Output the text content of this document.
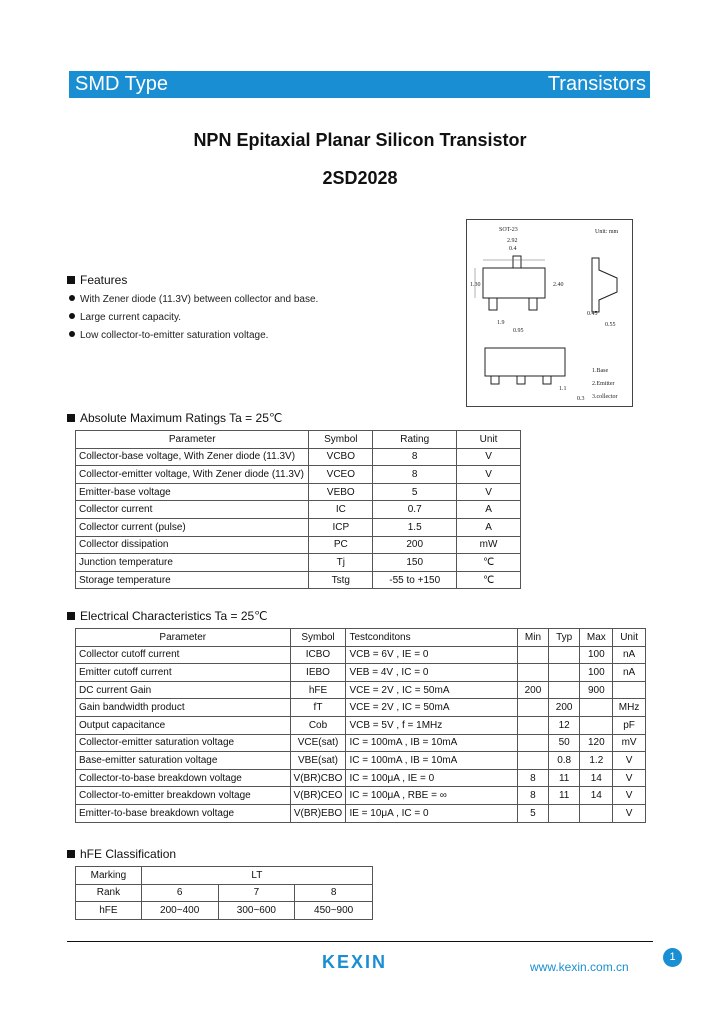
SMD Type	Transistors
NPN Epitaxial Planar Silicon Transistor
2SD2028
SOT-23	Unit: mm
2.92
0.4
1.30	2.40
1.9
0.95
0.45
0.55
1.1
0.3
1.Base
2.Emitter
3.collector
Features
With Zener diode (11.3V) between collector and base.
Large current capacity.
Low collector-to-emitter saturation voltage.
Absolute Maximum Ratings Ta = 25℃
Parameter	Symbol	Rating	Unit
Collector-base voltage, With Zener diode (11.3V)	VCBO	8	V
Collector-emitter voltage, With Zener diode (11.3V)	VCEO	8	V
Emitter-base voltage	VEBO	5	V
Collector current	IC	0.7	A
Collector current (pulse)	ICP	1.5	A
Collector dissipation	PC	200	mW
Junction temperature	Tj	150	℃
Storage temperature	Tstg	-55 to +150	℃
Electrical Characteristics Ta = 25℃
Parameter	Symbol	Testconditons	Min	Typ	Max	Unit
Collector cutoff current	ICBO	VCB = 6V , IE = 0			100	nA
Emitter cutoff current	IEBO	VEB = 4V , IC = 0			100	nA
DC current Gain	hFE	VCE = 2V , IC = 50mA	200		900	
Gain bandwidth product	fT	VCE = 2V , IC = 50mA		200		MHz
Output capacitance	Cob	VCB = 5V , f = 1MHz		12		pF
Collector-emitter saturation voltage	VCE(sat)	IC = 100mA , IB = 10mA		50	120	mV
Base-emitter saturation voltage	VBE(sat)	IC = 100mA , IB = 10mA		0.8	1.2	V
Collector-to-base breakdown voltage	V(BR)CBO	IC = 100μA , IE = 0	8	11	14	V
Collector-to-emitter breakdown voltage	V(BR)CEO	IC = 100μA , RBE = ∞	8	11	14	V
Emitter-to-base breakdown voltage	V(BR)EBO	IE = 10μA , IC = 0	5			V
hFE Classification
Marking	LT		
Rank	6	7	8
hFE	200~400	300~600	450~900
KEXIN	www.kexin.com.cn
1
